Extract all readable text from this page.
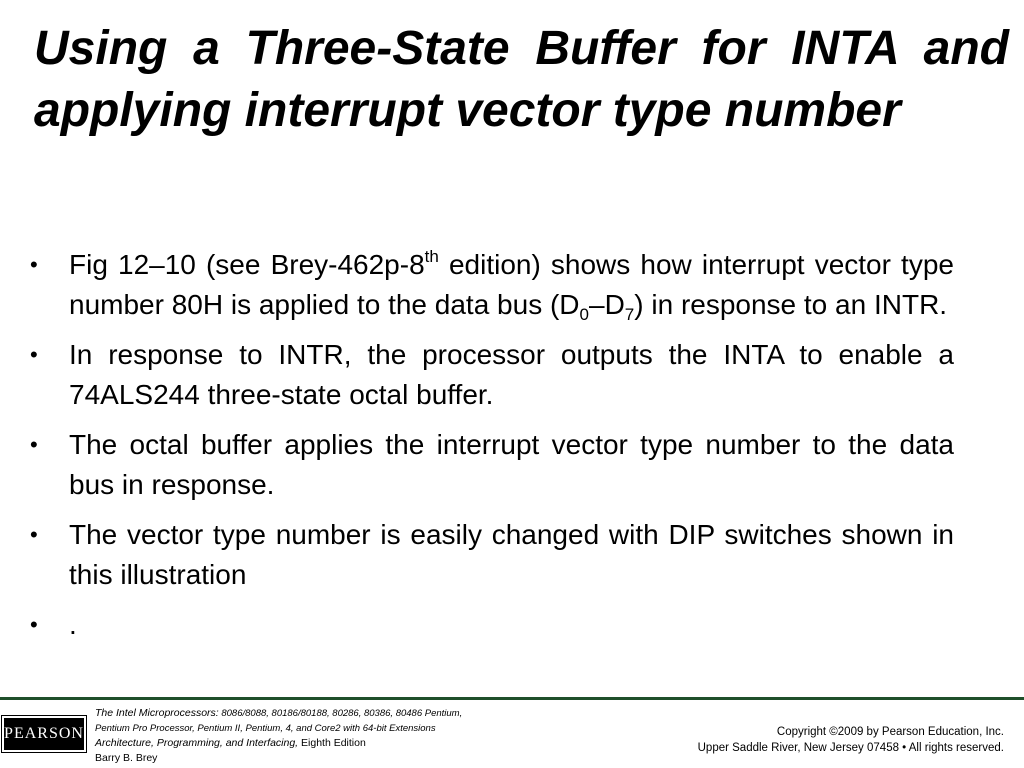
Using a Three-State Buffer for INTA and applying interrupt vector type number
•	Fig 12–10 (see Brey-462p-8th edition) shows how interrupt vector type number 80H is applied to the data bus $(D_0-D_7)$ in response to an INTR.
•	In response to INTR, the processor outputs the INTA to enable a 74ALS244 three-state octal buffer.
•	The octal buffer applies the interrupt vector type number to the data bus in response.
•	The vector type number is easily changed with DIP switches shown in this illustration
•	.
PEARSON
The Intel Microprocessors: 8086/8088, 80186/80188, 80286, 80386, 80486 Pentium,
Pentium Pro Processor, Pentium II, Pentium, 4, and Core2 with 64-bit Extensions
Architecture, Programming, and Interfacing, Eighth Edition
Barry B. Brey
Copyright ©2009 by Pearson Education, Inc.
Upper Saddle River, New Jersey 07458 • All rights reserved.
